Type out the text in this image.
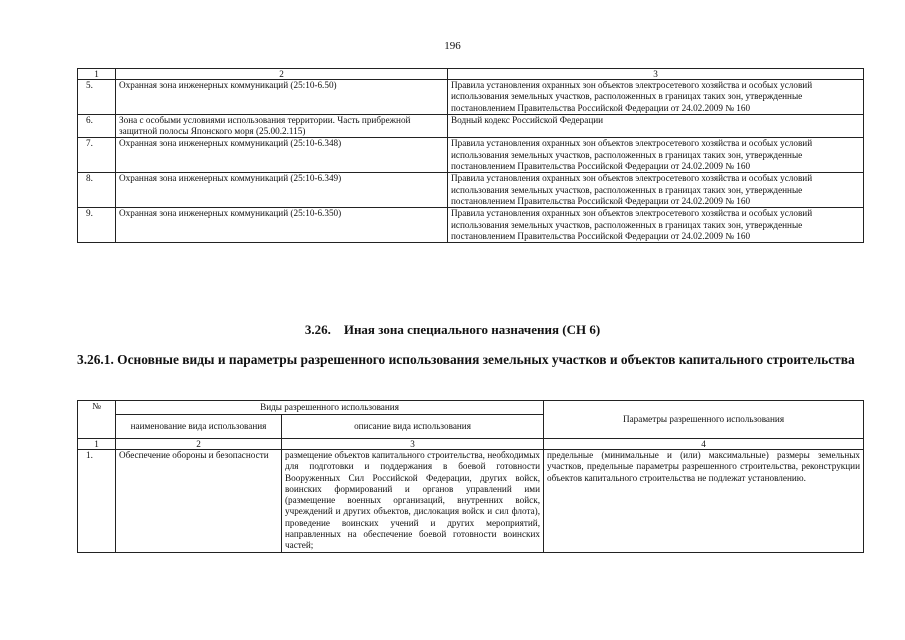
196
1	2	3
5.	Охранная зона инженерных коммуникаций (25:10-6.50)	Правила установления охранных зон объектов электросетевого хозяйства и особых условий использования земельных участков, расположенных в границах таких зон, утвержденные постановлением Правительства Российской Федерации от 24.02.2009 № 160
6.	Зона с особыми условиями использования территории. Часть прибрежной защитной полосы Японского моря (25.00.2.115)	Водный кодекс Российской Федерации
7.	Охранная зона инженерных коммуникаций (25:10-6.348)	Правила установления охранных зон объектов электросетевого хозяйства и особых условий использования земельных участков, расположенных в границах таких зон, утвержденные постановлением Правительства Российской Федерации от 24.02.2009 № 160
8.	Охранная зона инженерных коммуникаций (25:10-6.349)	Правила установления охранных зон объектов электросетевого хозяйства и особых условий использования земельных участков, расположенных в границах таких зон, утвержденные постановлением Правительства Российской Федерации от 24.02.2009 № 160
9.	Охранная зона инженерных коммуникаций (25:10-6.350)	Правила установления охранных зон объектов электросетевого хозяйства и особых условий использования земельных участков, расположенных в границах таких зон, утвержденные постановлением Правительства Российской Федерации от 24.02.2009 № 160
3.26.    Иная зона специального назначения (СН 6)
3.26.1. Основные виды и параметры разрешенного использования земельных участков и объектов капитального строительства
№	Виды разрешенного использования		Параметры разрешенного использования
	наименование вида использования	описание вида использования	
1	2	3	4
1.	Обеспечение обороны и безопасности	размещение объектов капитального строительства, необходимых для подготовки и поддержания в боевой готовности Вооруженных Сил Российской Федерации, других войск, воинских формирований и органов управлений ими (размещение военных организаций, внутренних войск, учреждений и других объектов, дислокация войск и сил флота), проведение воинских учений и других мероприятий, направленных на обеспечение боевой готовности воинских частей;	предельные (минимальные и (или) максимальные) размеры земельных участков, предельные параметры разрешенного строительства, реконструкции объектов капитального строительства не подлежат установлению.
